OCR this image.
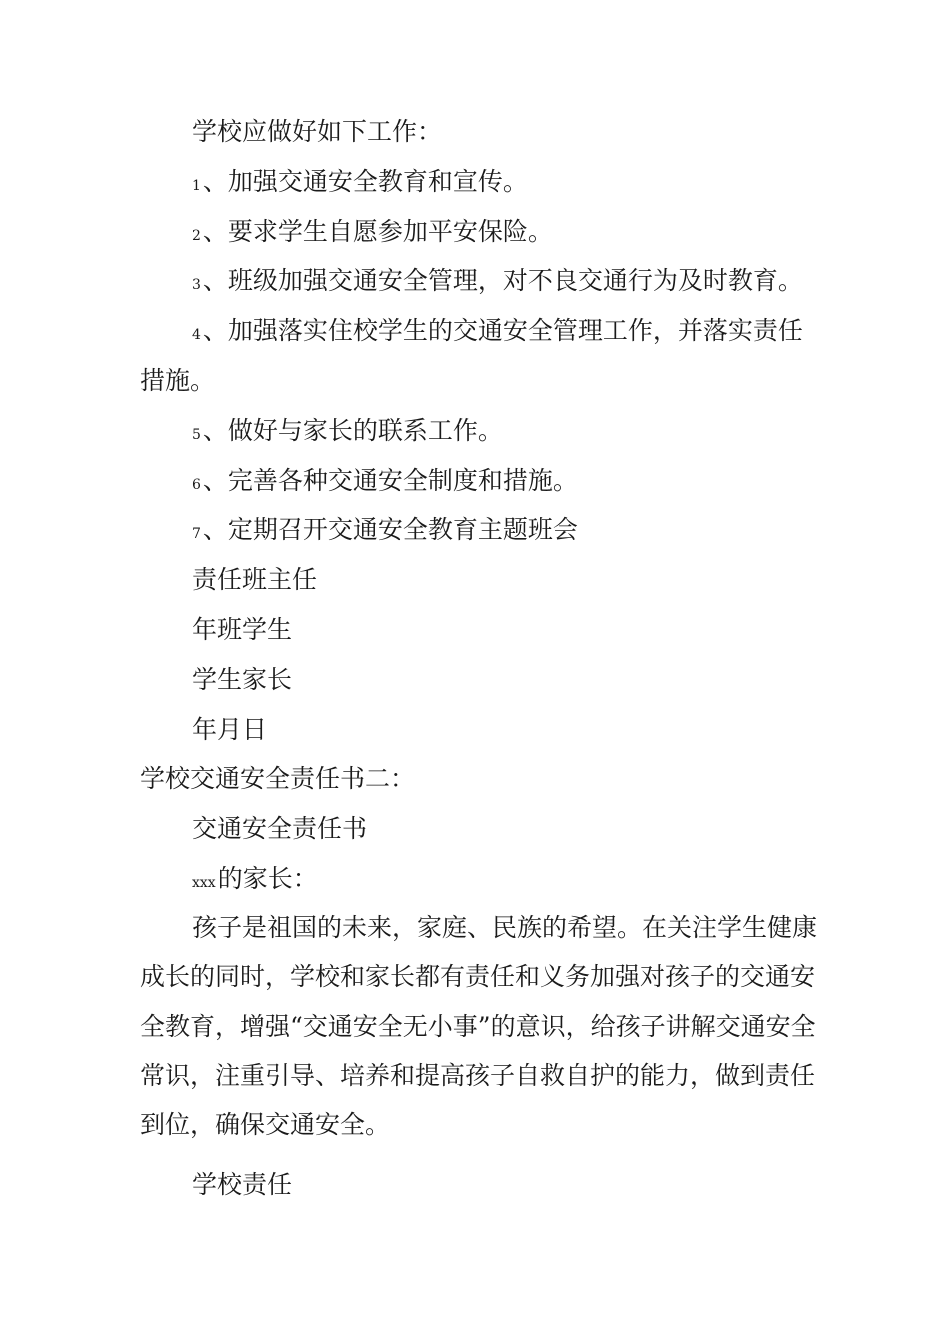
学校应做好如下工作：
1、加强交通安全教育和宣传。
2、要求学生自愿参加平安保险。
3、班级加强交通安全管理，对不良交通行为及时教育。
4、加强落实住校学生的交通安全管理工作，并落实责任
措施。
5、做好与家长的联系工作。
6、完善各种交通安全制度和措施。
7、定期召开交通安全教育主题班会
责任班主任
年班学生
学生家长
年月日
学校交通安全责任书二：
交通安全责任书
xxx的家长：
孩子是祖国的未来，家庭、民族的希望。在关注学生健康成长的同时，学校和家长都有责任和义务加强对孩子的交通安全教育，增强“交通安全无小事”的意识，给孩子讲解交通安全常识，注重引导、培养和提高孩子自救自护的能力，做到责任到位，确保交通安全。
学校责任
